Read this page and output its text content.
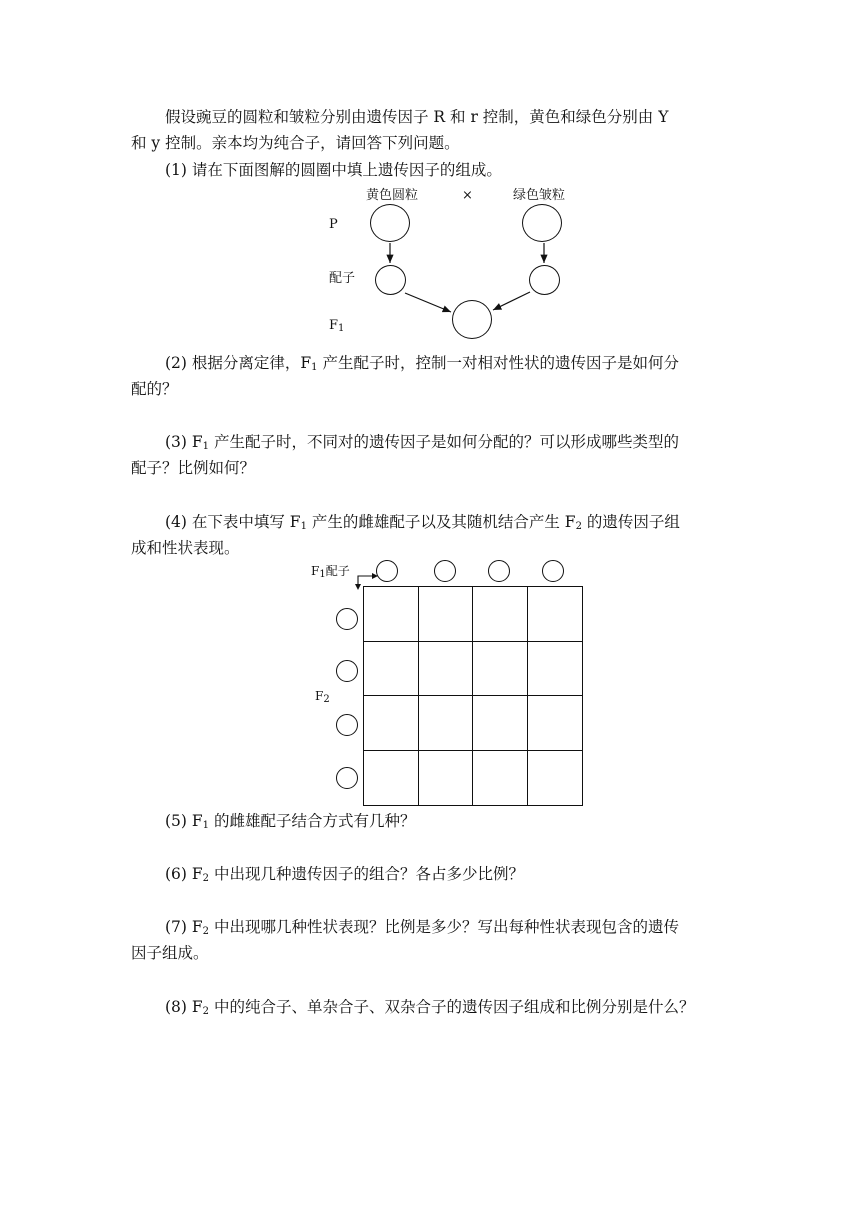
假设豌豆的圆粒和皱粒分别由遗传因子 R 和 r 控制，黄色和绿色分别由 Y
和 y 控制。亲本均为纯合子，请回答下列问题。
(1) 请在下面图解的圆圈中填上遗传因子的组成。
黄色圆粒	×	绿色皱粒
P
配子
$F_1$
(2) 根据分离定律，$F_1$ 产生配子时，控制一对相对性状的遗传因子是如何分
配的？
(3) $F_1$ 产生配子时，不同对的遗传因子是如何分配的？可以形成哪些类型的
配子？比例如何？
(4) 在下表中填写 $F_1$ 产生的雌雄配子以及其随机结合产生 $F_2$ 的遗传因子组
成和性状表现。
$F_1$配子
$F_2$
(5) $F_1$ 的雌雄配子结合方式有几种？
(6) $F_2$ 中出现几种遗传因子的组合？各占多少比例？
(7) $F_2$ 中出现哪几种性状表现？比例是多少？写出每种性状表现包含的遗传
因子组成。
(8) $F_2$ 中的纯合子、单杂合子、双杂合子的遗传因子组成和比例分别是什么？
